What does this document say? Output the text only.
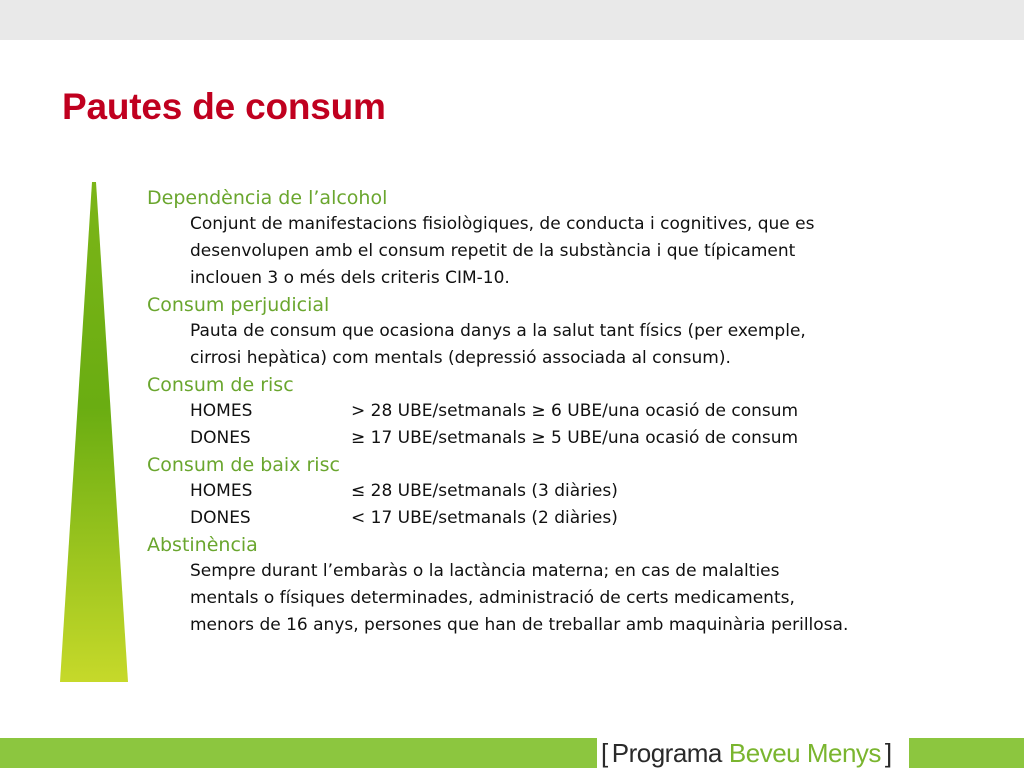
Pautes de consum
Dependència de l’alcohol
Conjunt de manifestacions fisiològiques, de conducta i cognitives, que es
desenvolupen amb el consum repetit de la substància i que típicament
inclouen 3 o més dels criteris CIM-10.
Consum perjudicial
Pauta de consum que ocasiona danys a la salut tant físics (per exemple,
cirrosi hepàtica) com mentals (depressió associada al consum).
Consum de risc
HOMES	> 28 UBE/setmanals ≥ 6 UBE/una ocasió de consum
DONES	≥ 17 UBE/setmanals ≥ 5 UBE/una ocasió de consum
Consum de baix risc
HOMES	≤ 28 UBE/setmanals (3 diàries)
DONES	< 17 UBE/setmanals (2 diàries)
Abstinència
Sempre durant l’embaràs o la lactància materna; en cas de malalties
mentals o físiques determinades, administració de certs medicaments,
menors de 16 anys, persones que han de treballar amb maquinària perillosa.
[ Programa Beveu Menys ]
